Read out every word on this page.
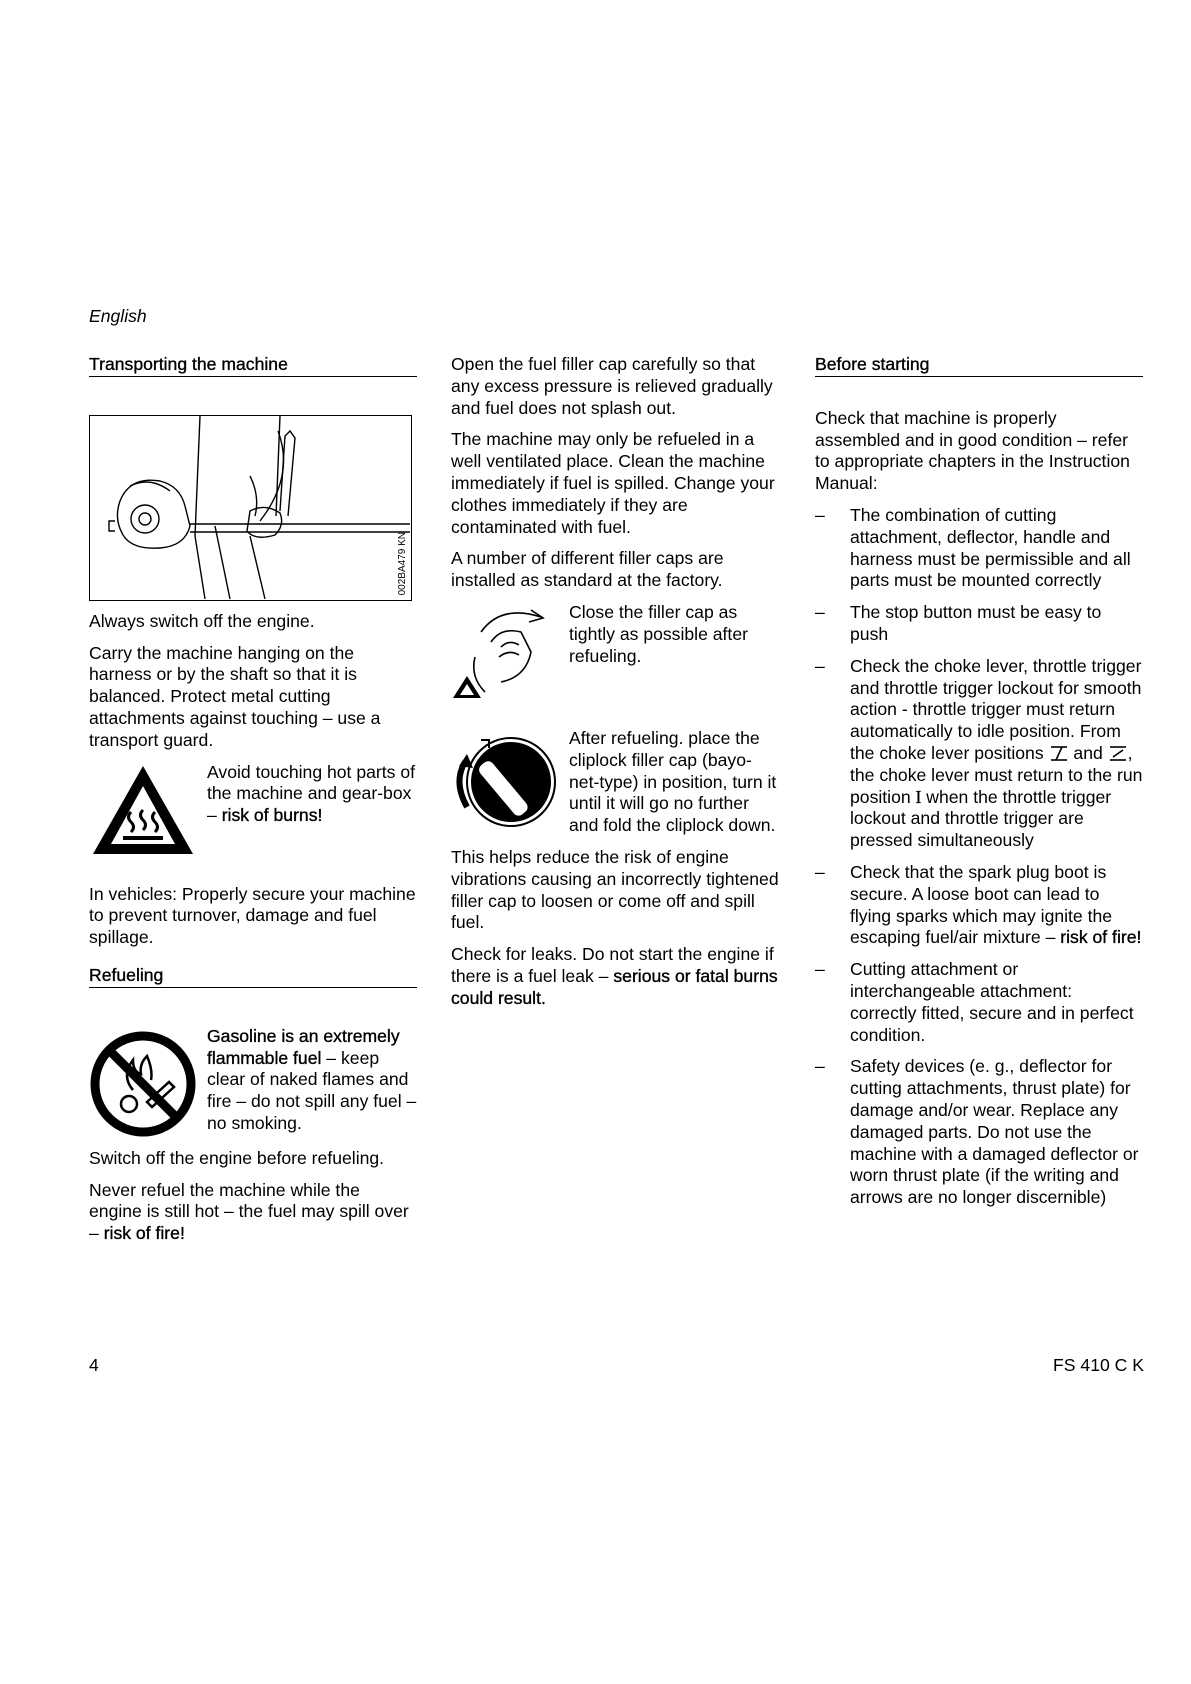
English
Transporting the machine
002BA479 KN

Always switch off the engine.

Carry the machine hanging on the harness or by the shaft so that it is balanced. Protect metal cutting attachments against touching – use a transport guard.

Avoid touching hot parts of the machine and gear-box – risk of burns!

In vehicles: Properly secure your machine to prevent turnover, damage and fuel spillage.

Refueling
Gasoline is an extremely flammable fuel – keep clear of naked flames and fire – do not spill any fuel – no smoking.

Switch off the engine before refueling.

Never refuel the machine while the engine is still hot – the fuel may spill over – risk of fire!

Open the fuel filler cap carefully so that any excess pressure is relieved gradually and fuel does not splash out.

The machine may only be refueled in a well ventilated place. Clean the machine immediately if fuel is spilled. Change your clothes immediately if they are contaminated with fuel.

A number of different filler caps are installed as standard at the factory.

Close the filler cap as tightly as possible after refueling.
After refueling. place the cliplock filler cap (bayo-net-type) in position, turn it until it will go no further and fold the cliplock down.

This helps reduce the risk of engine vibrations causing an incorrectly tightened filler cap to loosen or come off and spill fuel.

Check for leaks. Do not start the engine if there is a fuel leak – serious or fatal burns could result.

Before starting

Check that machine is properly assembled and in good condition – refer to appropriate chapters in the Instruction Manual:

– The combination of cutting attachment, deflector, handle and harness must be permissible and all parts must be mounted correctly
– The stop button must be easy to push
– Check the choke lever, throttle trigger and throttle trigger lockout for smooth action - throttle trigger must return automatically to idle position. From the choke lever positions
and
, the choke lever must return to the run position I when the throttle trigger lockout and throttle trigger are pressed simultaneously
– Check that the spark plug boot is secure. A loose boot can lead to flying sparks which may ignite the escaping fuel/air mixture – risk of fire!
– Cutting attachment or interchangeable attachment: correctly fitted, secure and in perfect condition.
– Safety devices (e. g., deflector for cutting attachments, thrust plate) for damage and/or wear. Replace any damaged parts. Do not use the machine with a damaged deflector or worn thrust plate (if the writing and arrows are no longer discernible)
4	FS 410 C K
